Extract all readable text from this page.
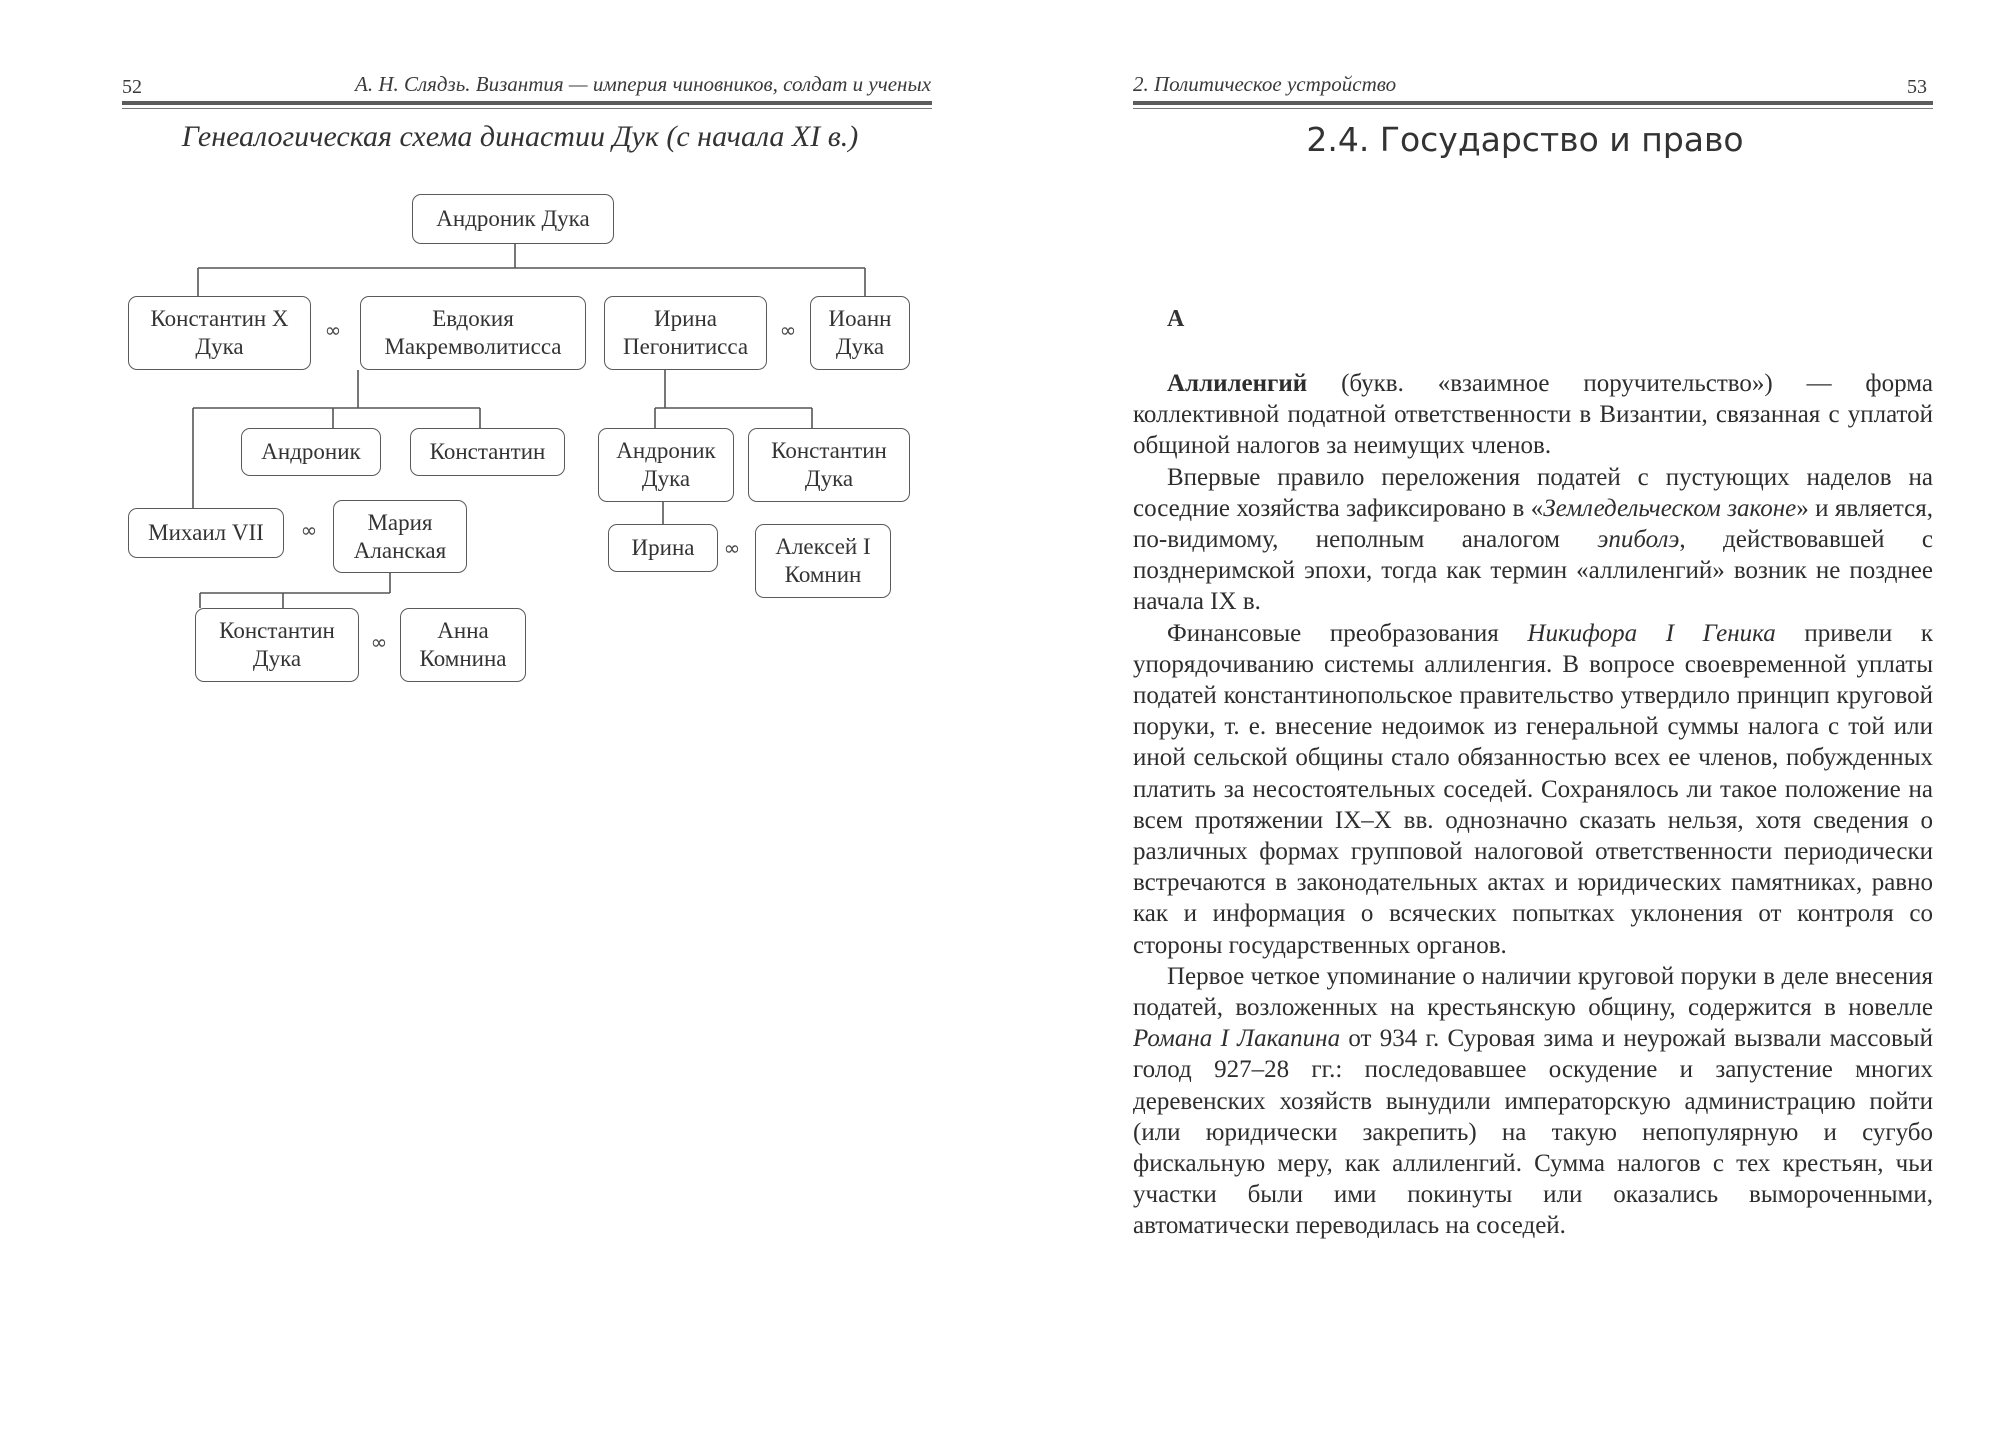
52	А. Н. Слядзь. Византия — империя чиновников, солдат и ученых
Генеалогическая схема династии Дук (с начала XI в.)
Андроник Дука
Константин X
Дука
∞	Евдокия
Макремволитисса
Ирина
Пегонитисса
∞ Иоанн
Дука
Андроник	Константин	Андроник
Дука
Константин
Дука
Михаил VII	∞ Мария
Аланская	Ирина	∞ Алексей I
Комнин
Константин
Дука
∞ Анна
Комнина
2. Политическое устройство	53
2.4. Государство и право
А

Аллиленгий (букв. «взаимное поручительство») — форма коллективной податной ответственности в Византии, связанная с уплатой общиной налогов за неимущих членов.

Впервые правило переложения податей с пустующих наделов на соседние хозяйства зафиксировано в «Земледельческом законе» и является, по-видимому, неполным аналогом эпиболэ, действовавшей с позднеримской эпохи, тогда как термин «аллиленгий» возник не позднее начала IX в.

Финансовые преобразования Никифора I Геника привели к упорядочиванию системы аллиленгия. В вопросе своевременной уплаты податей константинопольское правительство утвердило принцип круговой поруки, т. е. внесение недоимок из генеральной суммы налога с той или иной сельской общины стало обязанностью всех ее членов, побужденных платить за несостоятельных соседей. Сохранялось ли такое положение на всем протяжении IX–X вв. однозначно сказать нельзя, хотя сведения о различных формах групповой налоговой ответственности периодически встречаются в законодательных актах и юридических памятниках, равно как и информация о всяческих попытках уклонения от контроля со стороны государственных органов.

Первое четкое упоминание о наличии круговой поруки в деле внесения податей, возложенных на крестьянскую общину, содержится в новелле Романа I Лакапина от 934 г. Суровая зима и неурожай вызвали массовый голод 927–28 гг.: последовавшее оскудение и запустение многих деревенских хозяйств вынудили императорскую администрацию пойти (или юридически закрепить) на такую непопулярную и сугубо фискальную меру, как аллиленгий. Сумма налогов с тех крестьян, чьи участки были ими покинуты или оказались вымороченными, автоматически переводилась на соседей.
